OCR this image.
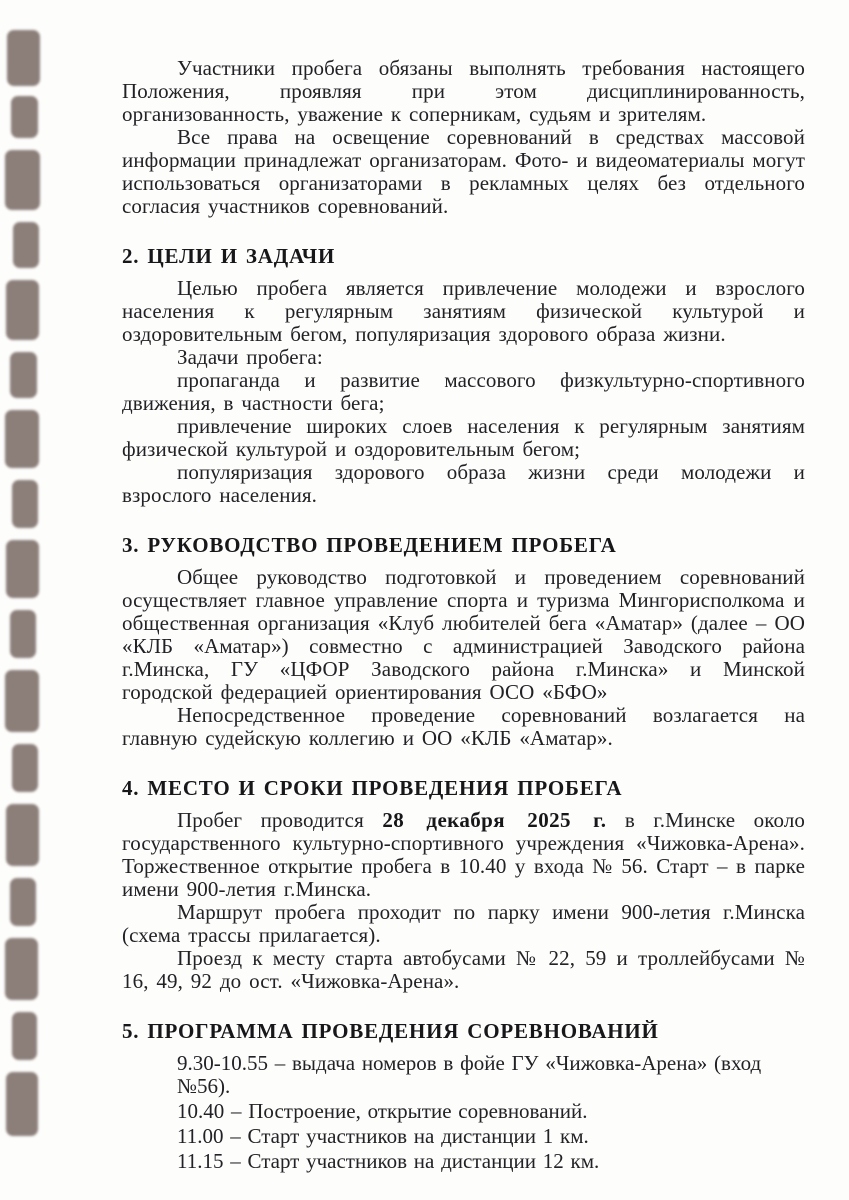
Участники пробега обязаны выполнять требования настоящего Положения, проявляя при этом дисциплинированность, организованность, уважение к соперникам, судьям и зрителям.

Все права на освещение соревнований в средствах массовой информации принадлежат организаторам. Фото- и видеоматериалы могут использоваться организаторами в рекламных целях без отдельного согласия участников соревнований.

2. ЦЕЛИ И ЗАДАЧИ

Целью пробега является привлечение молодежи и взрослого населения к регулярным занятиям физической культурой и оздоровительным бегом, популяризация здорового образа жизни.

Задачи пробега:

пропаганда и развитие массового физкультурно-спортивного движения, в частности бега;

привлечение широких слоев населения к регулярным занятиям физической культурой и оздоровительным бегом;

популяризация здорового образа жизни среди молодежи и взрослого населения.

3. РУКОВОДСТВО ПРОВЕДЕНИЕМ ПРОБЕГА

Общее руководство подготовкой и проведением соревнований осуществляет главное управление спорта и туризма Мингорисполкома и общественная организация «Клуб любителей бега «Аматар» (далее – ОО «КЛБ «Аматар») совместно с администрацией Заводского района г.Минска, ГУ «ЦФОР Заводского района г.Минска» и Минской городской федерацией ориентирования ОСО «БФО»

Непосредственное проведение соревнований возлагается на главную судейскую коллегию и ОО «КЛБ «Аматар».

4. МЕСТО И СРОКИ ПРОВЕДЕНИЯ ПРОБЕГА

Пробег проводится 28 декабря 2025 г. в г.Минске около государственного культурно-спортивного учреждения «Чижовка-Арена». Торжественное открытие пробега в 10.40 у входа № 56. Старт – в парке имени 900-летия г.Минска.

Маршрут пробега проходит по парку имени 900-летия г.Минска (схема трассы прилагается).

Проезд к месту старта автобусами № 22, 59 и троллейбусами № 16, 49, 92 до ост. «Чижовка-Арена».

5. ПРОГРАММА ПРОВЕДЕНИЯ СОРЕВНОВАНИЙ

9.30-10.55 – выдача номеров в фойе ГУ «Чижовка-Арена» (вход №56).

10.40 – Построение, открытие соревнований.

11.00 – Старт участников на дистанции 1 км.

11.15 – Старт участников на дистанции 12 км.
